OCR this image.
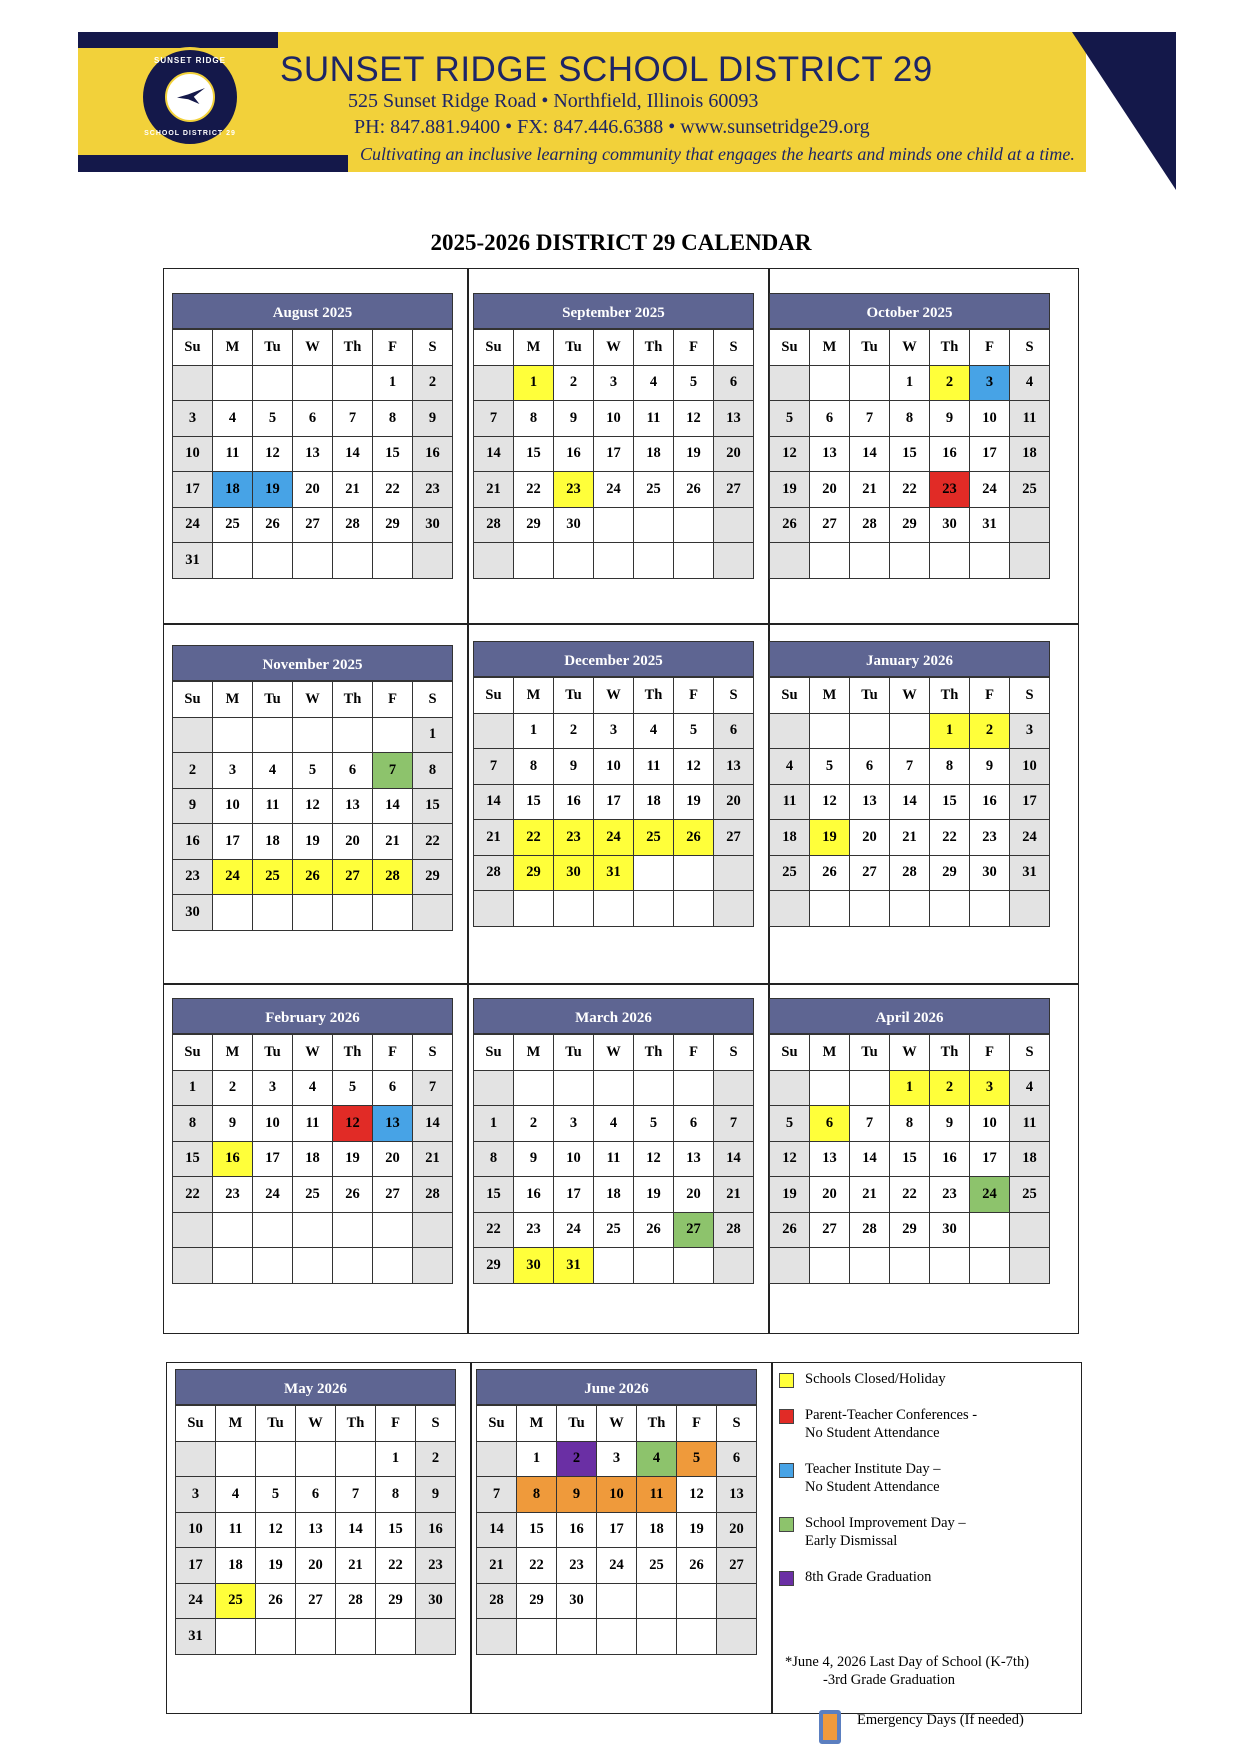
SUNSET RIDGE
SCHOOL DISTRICT 29
SUNSET RIDGE SCHOOL DISTRICT 29
525 Sunset Ridge Road • Northfield, Illinois 60093
PH: 847.881.9400 • FX: 847.446.6388 • www.sunsetridge29.org
Cultivating an inclusive learning community that engages the hearts and minds one child at a time.
2025-2026 DISTRICT 29 CALENDAR
August 2025
Su	M	Tu	W	Th	F	S
					1	2
3	4	5	6	7	8	9
10	11	12	13	14	15	16
17	18	19	20	21	22	23
24	25	26	27	28	29	30
31						
September 2025
Su	M	Tu	W	Th	F	S
	1	2	3	4	5	6
7	8	9	10	11	12	13
14	15	16	17	18	19	20
21	22	23	24	25	26	27
28	29	30				

October 2025
Su	M	Tu	W	Th	F	S
			1	2	3	4
5	6	7	8	9	10	11
12	13	14	15	16	17	18
19	20	21	22	23	24	25
26	27	28	29	30	31	

November 2025
Su	M	Tu	W	Th	F	S
						1
2	3	4	5	6	7	8
9	10	11	12	13	14	15
16	17	18	19	20	21	22
23	24	25	26	27	28	29
30						
December 2025
Su	M	Tu	W	Th	F	S
	1	2	3	4	5	6
7	8	9	10	11	12	13
14	15	16	17	18	19	20
21	22	23	24	25	26	27
28	29	30	31			

January 2026
Su	M	Tu	W	Th	F	S
				1	2	3
4	5	6	7	8	9	10
11	12	13	14	15	16	17
18	19	20	21	22	23	24
25	26	27	28	29	30	31

February 2026
Su	M	Tu	W	Th	F	S
1	2	3	4	5	6	7
8	9	10	11	12	13	14
15	16	17	18	19	20	21
22	23	24	25	26	27	28

March 2026
Su	M	Tu	W	Th	F	S

1	2	3	4	5	6	7
8	9	10	11	12	13	14
15	16	17	18	19	20	21
22	23	24	25	26	27	28
29	30	31				
April 2026
Su	M	Tu	W	Th	F	S
			1	2	3	4
5	6	7	8	9	10	11
12	13	14	15	16	17	18
19	20	21	22	23	24	25
26	27	28	29	30		

May 2026
Su	M	Tu	W	Th	F	S
					1	2
3	4	5	6	7	8	9
10	11	12	13	14	15	16
17	18	19	20	21	22	23
24	25	26	27	28	29	30
31						
June 2026
Su	M	Tu	W	Th	F	S
	1	2	3	4	5	6
7	8	9	10	11	12	13
14	15	16	17	18	19	20
21	22	23	24	25	26	27
28	29	30				

Schools Closed/Holiday
Parent-Teacher Conferences -
No Student Attendance
Teacher Institute Day –
No Student Attendance
School Improvement Day –
Early Dismissal
8th Grade Graduation
*June 4, 2026 Last Day of School (K-7th)
-3rd Grade Graduation
Emergency Days (If needed)
